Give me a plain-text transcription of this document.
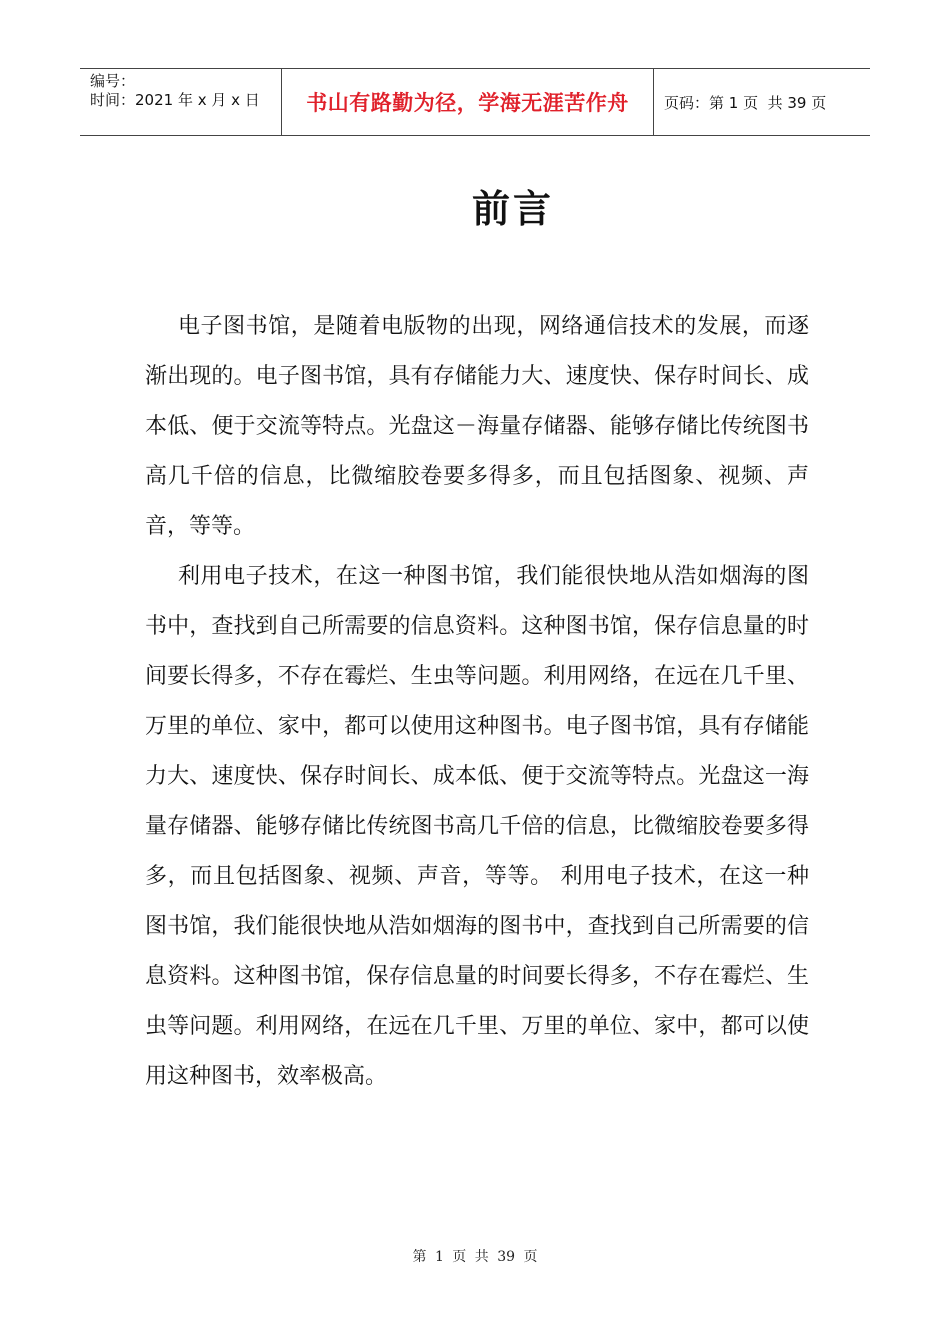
编号：
时间：2021 年 x 月 x 日	书山有路勤为径，学海无涯苦作舟 页码：第 1 页  共 39 页
前言

电子图书馆，是随着电版物的出现，网络通信技术的发展，而逐渐出现的。电子图书馆，具有存储能力大、速度快、保存时间长、成本低、便于交流等特点。光盘这－海量存储器、能够存储比传统图书高几千倍的信息，比微缩胶卷要多得多，而且包括图象、视频、声音，等等。

利用电子技术，在这一种图书馆，我们能很快地从浩如烟海的图书中，查找到自己所需要的信息资料。这种图书馆，保存信息量的时间要长得多，不存在霉烂、生虫等问题。利用网络，在远在几千里、万里的单位、家中，都可以使用这种图书。电子图书馆，具有存储能力大、速度快、保存时间长、成本低、便于交流等特点。光盘这一海量存储器、能够存储比传统图书高几千倍的信息，比微缩胶卷要多得多，而且包括图象、视频、声音，等等。 利用电子技术，在这一种图书馆，我们能很快地从浩如烟海的图书中，查找到自己所需要的信息资料。这种图书馆，保存信息量的时间要长得多，不存在霉烂、生虫等问题。利用网络，在远在几千里、万里的单位、家中，都可以使用这种图书，效率极高。

第 1 页 共 39 页
